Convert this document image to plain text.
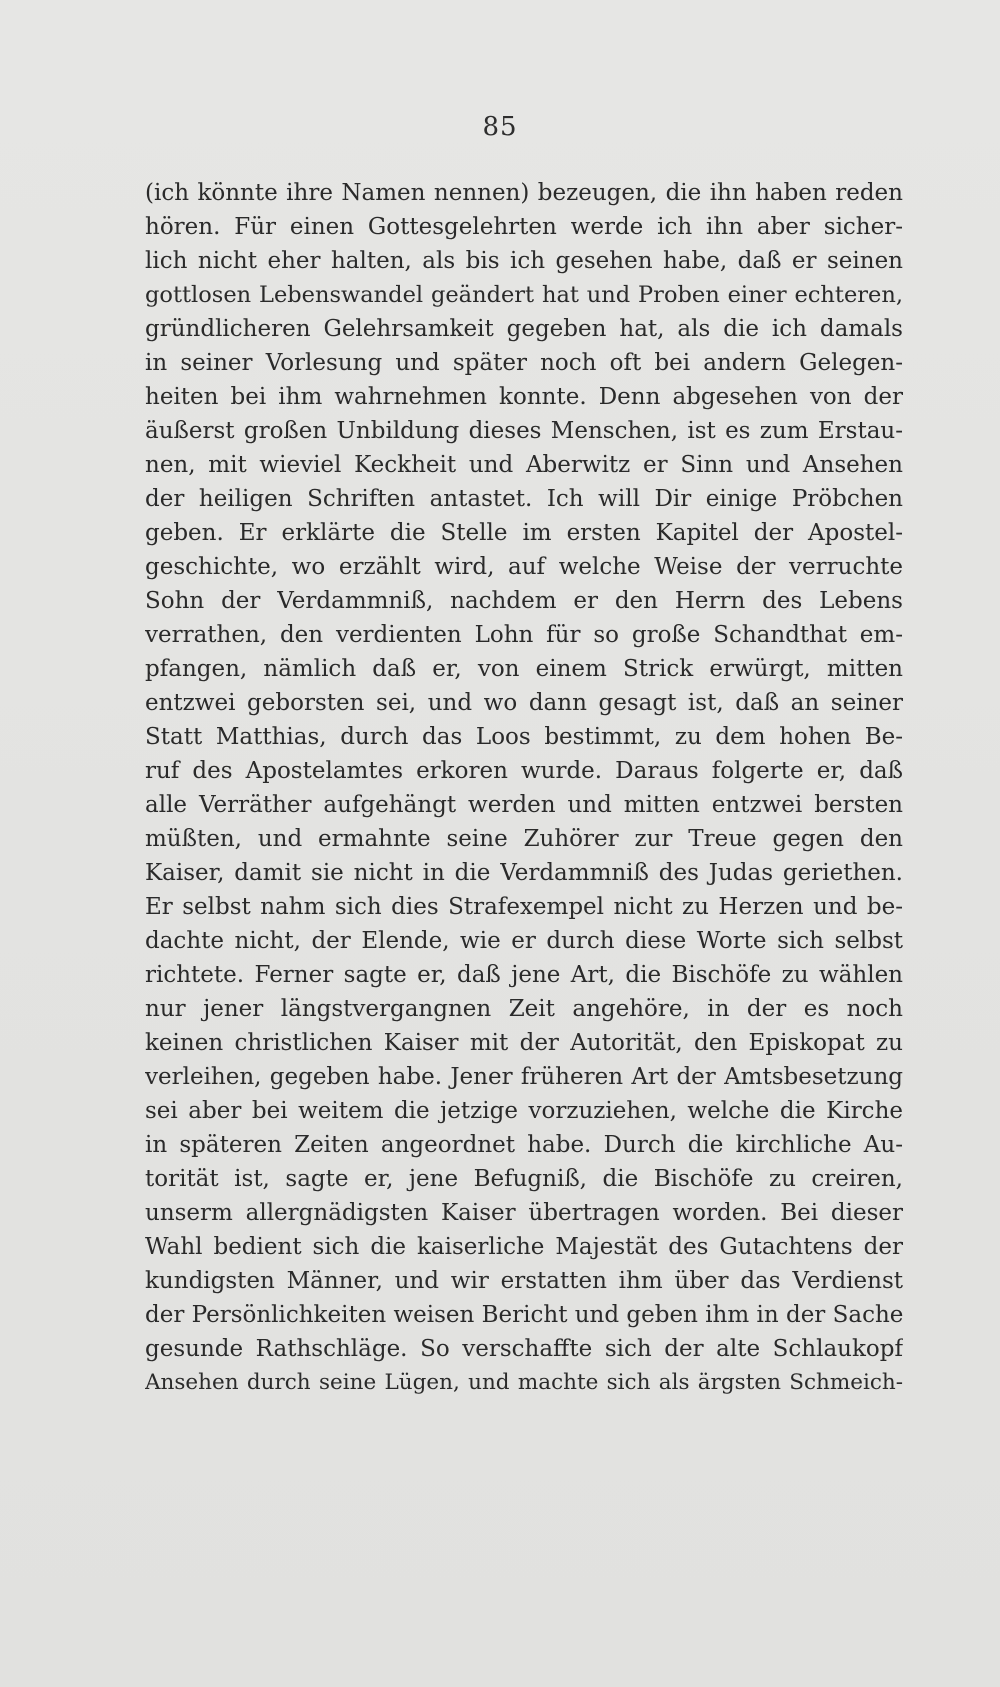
85
(ich könnte ihre Namen nennen) bezeugen, die ihn haben reden
hören. Für einen Gottesgelehrten werde ich ihn aber sicher-
lich nicht eher halten, als bis ich gesehen habe, daß er seinen
gottlosen Lebenswandel geändert hat und Proben einer echteren,
gründlicheren Gelehrsamkeit gegeben hat, als die ich damals
in seiner Vorlesung und später noch oft bei andern Gelegen-
heiten bei ihm wahrnehmen konnte. Denn abgesehen von der
äußerst großen Unbildung dieses Menschen, ist es zum Erstau-
nen, mit wieviel Keckheit und Aberwitz er Sinn und Ansehen
der heiligen Schriften antastet. Ich will Dir einige Pröbchen
geben. Er erklärte die Stelle im ersten Kapitel der Apostel-
geschichte, wo erzählt wird, auf welche Weise der verruchte
Sohn der Verdammniß, nachdem er den Herrn des Lebens
verrathen, den verdienten Lohn für so große Schandthat em-
pfangen, nämlich daß er, von einem Strick erwürgt, mitten
entzwei geborsten sei, und wo dann gesagt ist, daß an seiner
Statt Matthias, durch das Loos bestimmt, zu dem hohen Be-
ruf des Apostelamtes erkoren wurde. Daraus folgerte er, daß
alle Verräther aufgehängt werden und mitten entzwei bersten
müßten, und ermahnte seine Zuhörer zur Treue gegen den
Kaiser, damit sie nicht in die Verdammniß des Judas geriethen.
Er selbst nahm sich dies Strafexempel nicht zu Herzen und be-
dachte nicht, der Elende, wie er durch diese Worte sich selbst
richtete. Ferner sagte er, daß jene Art, die Bischöfe zu wählen
nur jener längstvergangnen Zeit angehöre, in der es noch
keinen christlichen Kaiser mit der Autorität, den Episkopat zu
verleihen, gegeben habe. Jener früheren Art der Amtsbesetzung
sei aber bei weitem die jetzige vorzuziehen, welche die Kirche
in späteren Zeiten angeordnet habe. Durch die kirchliche Au-
torität ist, sagte er, jene Befugniß, die Bischöfe zu creiren,
unserm allergnädigsten Kaiser übertragen worden. Bei dieser
Wahl bedient sich die kaiserliche Majestät des Gutachtens der
kundigsten Männer, und wir erstatten ihm über das Verdienst
der Persönlichkeiten weisen Bericht und geben ihm in der Sache
gesunde Rathschläge. So verschaffte sich der alte Schlaukopf
Ansehen durch seine Lügen, und machte sich als ärgsten Schmeich-
